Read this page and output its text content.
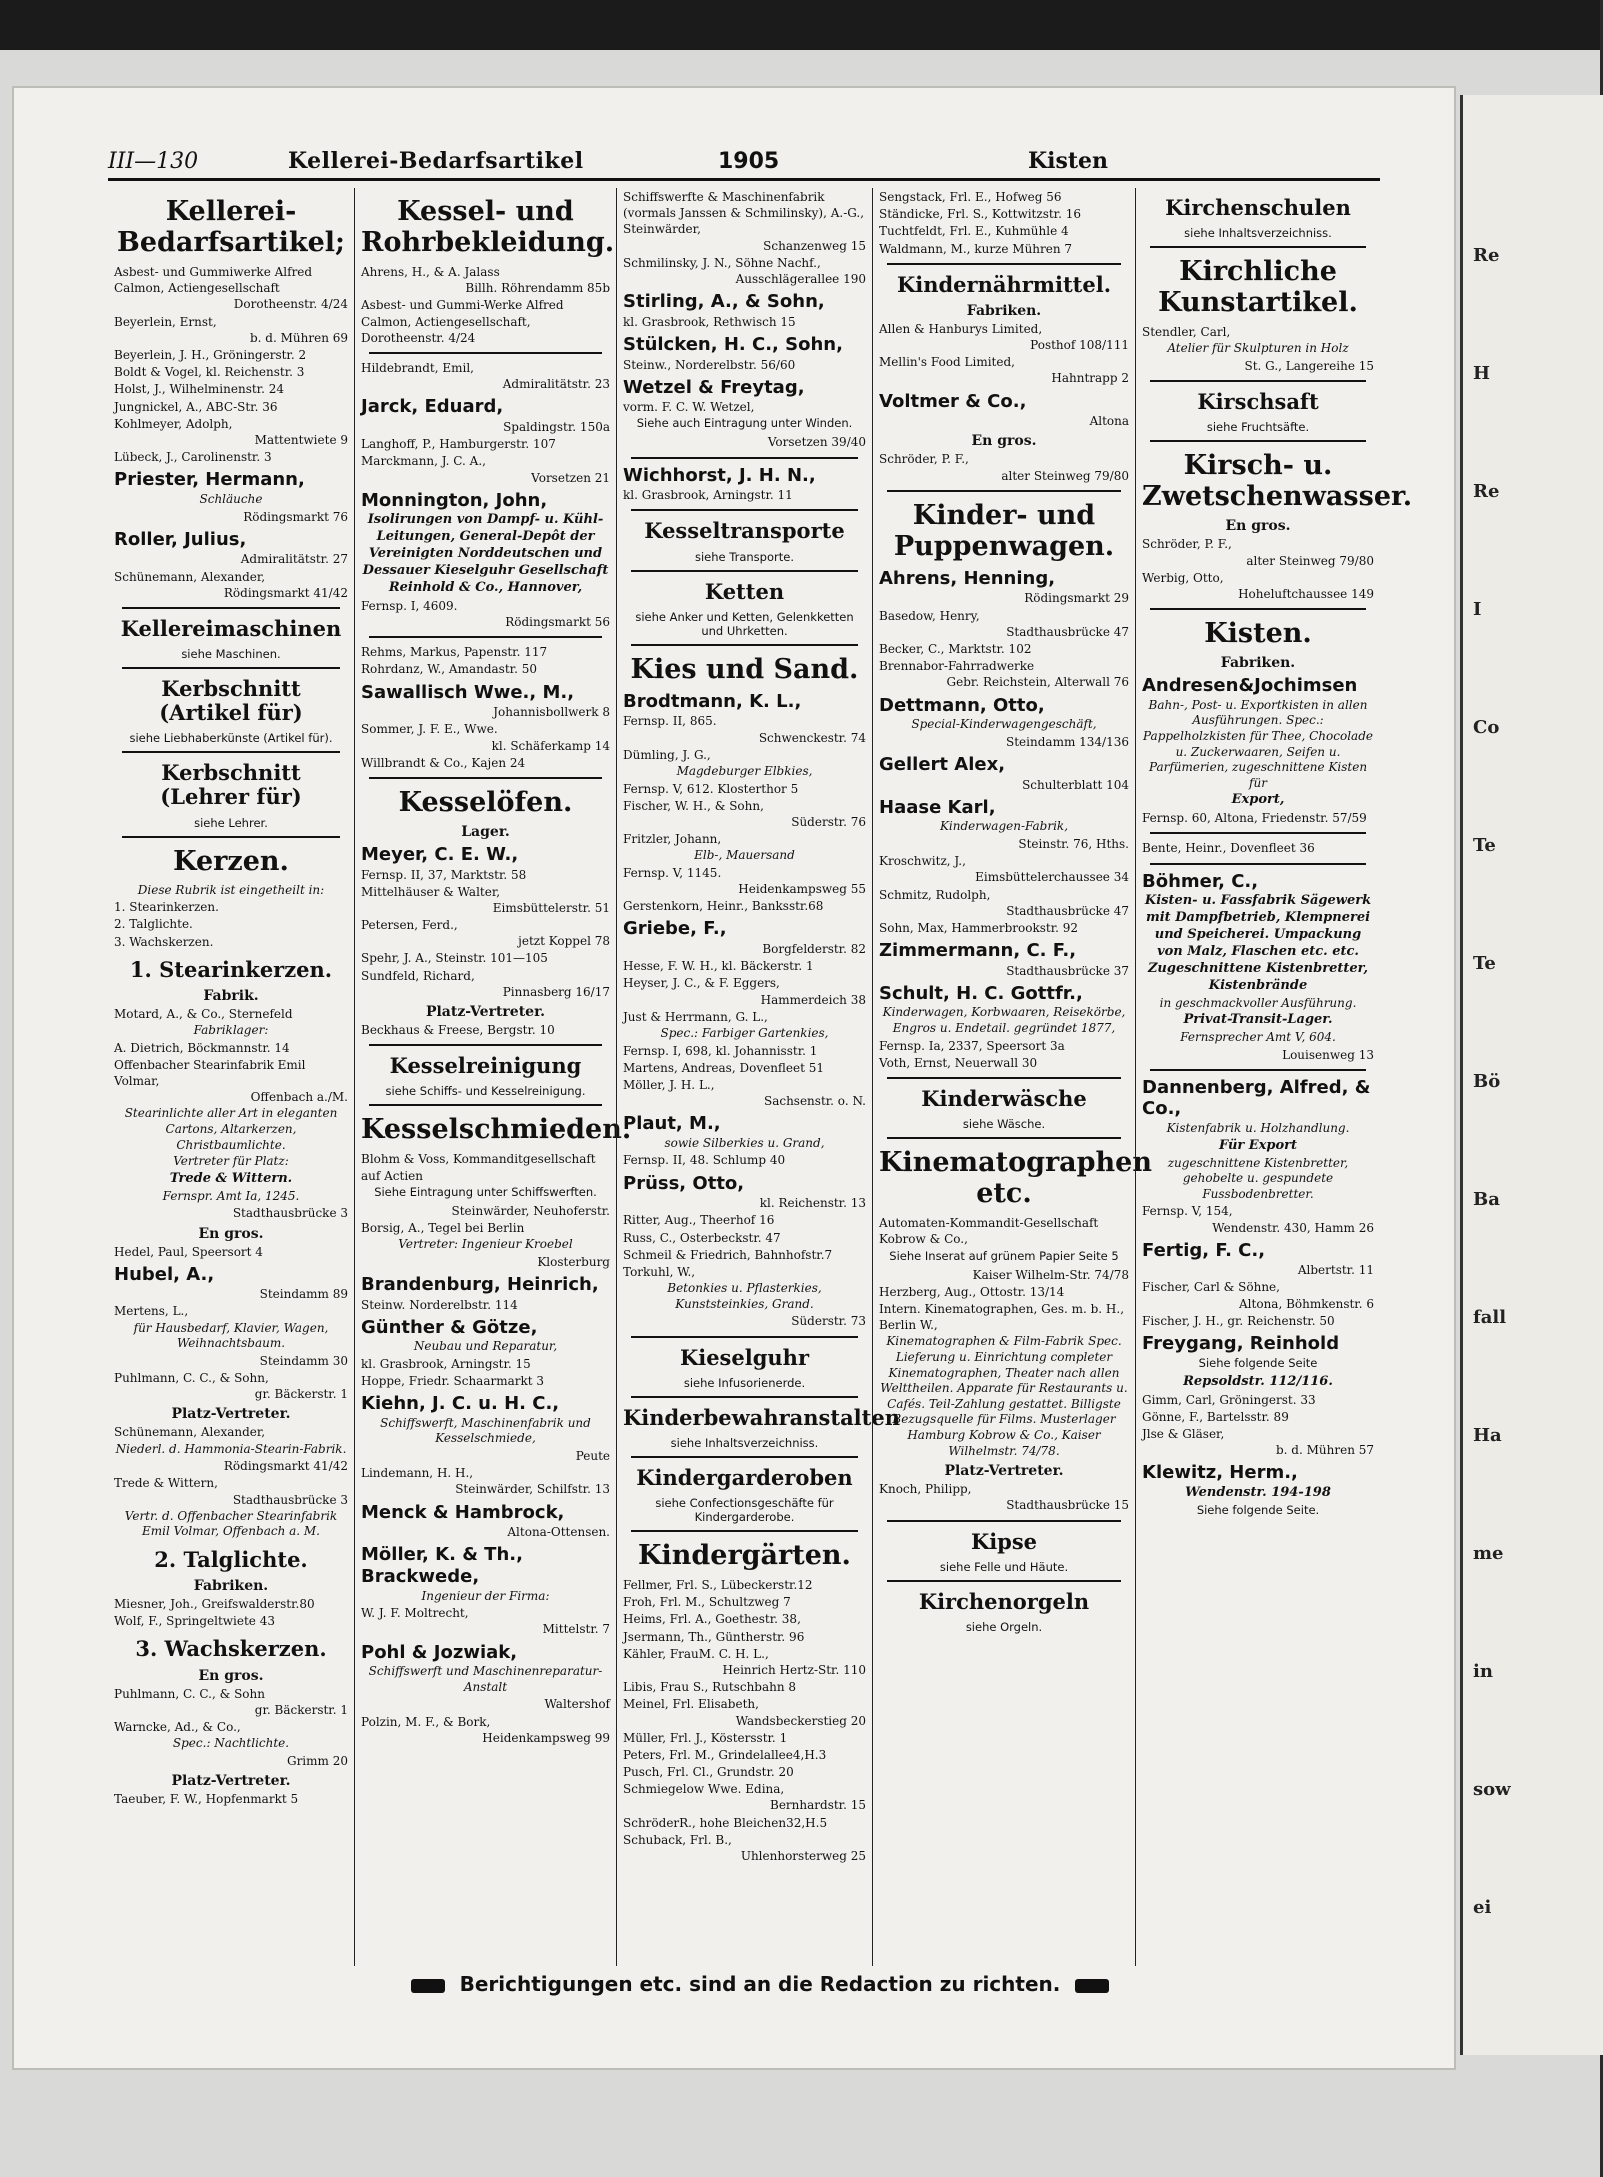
Re
H
Re
I
Co
Te
Te
Bö
Ba
fall
Ha
me
in
sow
ei
III—130	Kellerei-Bedarfsartikel	1905	Kisten
Kellerei-Bedarfsartikel;
Asbest- und Gummiwerke Alfred Calmon, Actiengesellschaft
Dorotheenstr. 4/24
Beyerlein, Ernst,
b. d. Mühren 69
Beyerlein, J. H., Gröningerstr. 2
Boldt & Vogel, kl. Reichenstr. 3
Holst, J., Wilhelminenstr. 24
Jungnickel, A., ABC-Str. 36
Kohlmeyer, Adolph,
Mattentwiete 9
Lübeck, J., Carolinenstr. 3
Priester, Hermann,
Schläuche
Rödingsmarkt 76
Roller, Julius,
Admiralitätstr. 27
Schünemann, Alexander,
Rödingsmarkt 41/42
Kellereimaschinen
siehe Maschinen.
Kerbschnitt (Artikel für)
siehe Liebhaberkünste (Artikel für).
Kerbschnitt (Lehrer für)
siehe Lehrer.
Kerzen.
Diese Rubrik ist eingetheilt in:
1. Stearinkerzen.
2. Talglichte.
3. Wachskerzen.
1. Stearinkerzen.
Fabrik.
Motard, A., & Co., Sternefeld
Fabriklager:
A. Dietrich, Böckmannstr. 14
Offenbacher Stearinfabrik Emil Volmar,
Offenbach a./M.
Stearinlichte aller Art in eleganten Cartons, Altarkerzen, Christbaumlichte.
Vertreter für Platz:
Trede & Wittern.
Fernspr. Amt Ia, 1245.
Stadthausbrücke 3
En gros.
Hedel, Paul, Speersort 4
Hubel, A.,
Steindamm 89
Mertens, L.,
für Hausbedarf, Klavier, Wagen, Weihnachtsbaum.
Steindamm 30
Puhlmann, C. C., & Sohn,
gr. Bäckerstr. 1
Platz-Vertreter.
Schünemann, Alexander,
Niederl. d. Hammonia-Stearin-Fabrik.
Rödingsmarkt 41/42
Trede & Wittern,
Stadthausbrücke 3
Vertr. d. Offenbacher Stearinfabrik Emil Volmar, Offenbach a. M.
2. Talglichte.
Fabriken.
Miesner, Joh., Greifswalderstr.80
Wolf, F., Springeltwiete 43
3. Wachskerzen.
En gros.
Puhlmann, C. C., & Sohn
gr. Bäckerstr. 1
Warncke, Ad., & Co.,
Spec.: Nachtlichte.
Grimm 20
Platz-Vertreter.
Taeuber, F. W., Hopfenmarkt 5
Kessel- und Rohrbekleidung.
Ahrens, H., & A. Jalass
Billh. Röhrendamm 85b
Asbest- und Gummi-Werke Alfred Calmon, Actiengesellschaft, Dorotheenstr. 4/24
Hildebrandt, Emil,
Admiralitätstr. 23
Jarck, Eduard,
Spaldingstr. 150a
Langhoff, P., Hamburgerstr. 107
Marckmann, J. C. A.,
Vorsetzen 21
Monnington, John,
Isolirungen von Dampf- u. Kühl-Leitungen, General-Depôt der Vereinigten Norddeutschen und Dessauer Kieselguhr Gesellschaft Reinhold & Co., Hannover,
Fernsp. I, 4609.
Rödingsmarkt 56
Rehms, Markus, Papenstr. 117
Rohrdanz, W., Amandastr. 50
Sawallisch Wwe., M.,
Johannisbollwerk 8
Sommer, J. F. E., Wwe.
kl. Schäferkamp 14
Willbrandt & Co., Kajen 24
Kesselöfen.
Lager.
Meyer, C. E. W.,
Fernsp. II, 37, Marktstr. 58
Mittelhäuser & Walter,
Eimsbüttelerstr. 51
Petersen, Ferd.,
jetzt Koppel 78
Spehr, J. A., Steinstr. 101—105
Sundfeld, Richard,
Pinnasberg 16/17
Platz-Vertreter.
Beckhaus & Freese, Bergstr. 10
Kesselreinigung
siehe Schiffs- und Kesselreinigung.
Kesselschmieden.
Blohm & Voss, Kommanditgesellschaft auf Actien
Siehe Eintragung unter Schiffswerften.
Steinwärder, Neuhoferstr.
Borsig, A., Tegel bei Berlin
Vertreter: Ingenieur Kroebel
Klosterburg
Brandenburg, Heinrich,
Steinw. Norderelbstr. 114
Günther & Götze,
Neubau und Reparatur,
kl. Grasbrook, Arningstr. 15
Hoppe, Friedr. Schaarmarkt 3
Kiehn, J. C. u. H. C.,
Schiffswerft, Maschinenfabrik und Kesselschmiede,
Peute
Lindemann, H. H.,
Steinwärder, Schilfstr. 13
Menck & Hambrock,
Altona-Ottensen.
Möller, K. & Th., Brackwede,
Ingenieur der Firma:
W. J. F. Moltrecht,
Mittelstr. 7
Pohl & Jozwiak,
Schiffswerft und Maschinenreparatur-Anstalt
Waltershof
Polzin, M. F., & Bork,
Heidenkampsweg 99
Schiffswerfte & Maschinenfabrik (vormals Janssen & Schmilinsky), A.-G., Steinwärder,
Schanzenweg 15
Schmilinsky, J. N., Söhne Nachf.,
Ausschlägerallee 190
Stirling, A., & Sohn,
kl. Grasbrook, Rethwisch 15
Stülcken, H. C., Sohn,
Steinw., Norderelbstr. 56/60
Wetzel & Freytag,
vorm. F. C. W. Wetzel,
Siehe auch Eintragung unter Winden.
Vorsetzen 39/40
Wichhorst, J. H. N.,
kl. Grasbrook, Arningstr. 11
Kesseltransporte
siehe Transporte.
Ketten
siehe Anker und Ketten, Gelenkketten und Uhrketten.
Kies und Sand.
Brodtmann, K. L.,
Fernsp. II, 865.
Schwenckestr. 74
Dümling, J. G.,
Magdeburger Elbkies,
Fernsp. V, 612. Klosterthor 5
Fischer, W. H., & Sohn,
Süderstr. 76
Fritzler, Johann,
Elb-, Mauersand
Fernsp. V, 1145.
Heidenkampsweg 55
Gerstenkorn, Heinr., Banksstr.68
Griebe, F.,
Borgfelderstr. 82
Hesse, F. W. H., kl. Bäckerstr. 1
Heyser, J. C., & F. Eggers,
Hammerdeich 38
Just & Herrmann, G. L.,
Spec.: Farbiger Gartenkies,
Fernsp. I, 698, kl. Johannisstr. 1
Martens, Andreas, Dovenfleet 51
Möller, J. H. L.,
Sachsenstr. o. N.
Plaut, M.,
sowie Silberkies u. Grand,
Fernsp. II, 48. Schlump 40
Prüss, Otto,
kl. Reichenstr. 13
Ritter, Aug., Theerhof 16
Russ, C., Osterbeckstr. 47
Schmeil & Friedrich, Bahnhofstr.7
Torkuhl, W.,
Betonkies u. Pflasterkies, Kunststeinkies, Grand.
Süderstr. 73
Kieselguhr
siehe Infusorienerde.
Kinderbewahranstalten
siehe Inhaltsverzeichniss.
Kindergarderoben
siehe Confectionsgeschäfte für Kindergarderobe.
Kindergärten.
Fellmer, Frl. S., Lübeckerstr.12
Froh, Frl. M., Schultzweg 7
Heims, Frl. A., Goethestr. 38,
Jsermann, Th., Güntherstr. 96
Kähler, FrauM. C. H. L.,
Heinrich Hertz-Str. 110
Libis, Frau S., Rutschbahn 8
Meinel, Frl. Elisabeth,
Wandsbeckerstieg 20
Müller, Frl. J., Köstersstr. 1
Peters, Frl. M., Grindelallee4,H.3
Pusch, Frl. Cl., Grundstr. 20
Schmiegelow Wwe. Edina,
Bernhardstr. 15
SchröderR., hohe Bleichen32,H.5
Schuback, Frl. B.,
Uhlenhorsterweg 25
Sengstack, Frl. E., Hofweg 56
Ständicke, Frl. S., Kottwitzstr. 16
Tuchtfeldt, Frl. E., Kuhmühle 4
Waldmann, M., kurze Mühren 7
Kindernährmittel.
Fabriken.
Allen & Hanburys Limited,
Posthof 108/111
Mellin's Food Limited,
Hahntrapp 2
Voltmer & Co.,
Altona
En gros.
Schröder, P. F.,
alter Steinweg 79/80
Kinder- und Puppenwagen.
Ahrens, Henning,
Rödingsmarkt 29
Basedow, Henry,
Stadthausbrücke 47
Becker, C., Marktstr. 102
Brennabor-Fahrradwerke
Gebr. Reichstein, Alterwall 76
Dettmann, Otto,
Special-Kinderwagengeschäft,
Steindamm 134/136
Gellert Alex,
Schulterblatt 104
Haase Karl,
Kinderwagen-Fabrik,
Steinstr. 76, Hths.
Kroschwitz, J.,
Eimsbüttelerchaussee 34
Schmitz, Rudolph,
Stadthausbrücke 47
Sohn, Max, Hammerbrookstr. 92
Zimmermann, C. F.,
Stadthausbrücke 37
Schult, H. C. Gottfr.,
Kinderwagen, Korbwaaren, Reisekörbe, Engros u. Endetail. gegründet 1877,
Fernsp. Ia, 2337, Speersort 3a
Voth, Ernst, Neuerwall 30
Kinderwäsche
siehe Wäsche.
Kinematographen etc.
Automaten-Kommandit-Gesellschaft Kobrow & Co.,
Siehe Inserat auf grünem Papier Seite 5
Kaiser Wilhelm-Str. 74/78
Herzberg, Aug., Ottostr. 13/14
Intern. Kinematographen, Ges. m. b. H., Berlin W.,
Kinematographen & Film-Fabrik Spec. Lieferung u. Einrichtung completer Kinematographen, Theater nach allen Welttheilen. Apparate für Restaurants u. Cafés. Teil-Zahlung gestattet. Billigste Bezugsquelle für Films. Musterlager Hamburg Kobrow & Co., Kaiser Wilhelmstr. 74/78.
Platz-Vertreter.
Knoch, Philipp,
Stadthausbrücke 15
Kipse
siehe Felle und Häute.
Kirchenorgeln
siehe Orgeln.
Kirchenschulen
siehe Inhaltsverzeichniss.
Kirchliche Kunstartikel.
Stendler, Carl,
Atelier für Skulpturen in Holz
St. G., Langereihe 15
Kirschsaft
siehe Fruchtsäfte.
Kirsch- u. Zwetschenwasser.
En gros.
Schröder, P. F.,
alter Steinweg 79/80
Werbig, Otto,
Hoheluftchaussee 149
Kisten.
Fabriken.
Andresen&Jochimsen
Bahn-, Post- u. Exportkisten in allen Ausführungen. Spec.: Pappelholzkisten für Thee, Chocolade u. Zuckerwaaren, Seifen u. Parfümerien, zugeschnittene Kisten für
Export,
Fernsp. 60, Altona, Friedenstr. 57/59
Bente, Heinr., Dovenfleet 36
Böhmer, C.,
Kisten- u. Fassfabrik Sägewerk mit Dampfbetrieb, Klempnerei und Speicherei. Umpackung von Malz, Flaschen etc. etc. Zugeschnittene Kistenbretter, Kistenbrände
in geschmackvoller Ausführung.
Privat-Transit-Lager.
Fernsprecher Amt V, 604.
Louisenweg 13
Dannenberg, Alfred, & Co.,
Kistenfabrik u. Holzhandlung.
Für Export
zugeschnittene Kistenbretter, gehobelte u. gespundete Fussbodenbretter.
Fernsp. V, 154,
Wendenstr. 430, Hamm 26
Fertig, F. C.,
Albertstr. 11
Fischer, Carl & Söhne,
Altona, Böhmkenstr. 6
Fischer, J. H., gr. Reichenstr. 50
Freygang, Reinhold
Siehe folgende Seite
Repsoldstr. 112/116.
Gimm, Carl, Gröningerst. 33
Gönne, F., Bartelsstr. 89
Jlse & Gläser,
b. d. Mühren 57
Klewitz, Herm.,
Wendenstr. 194-198
Siehe folgende Seite.
Berichtigungen etc. sind an die Redaction zu richten.
